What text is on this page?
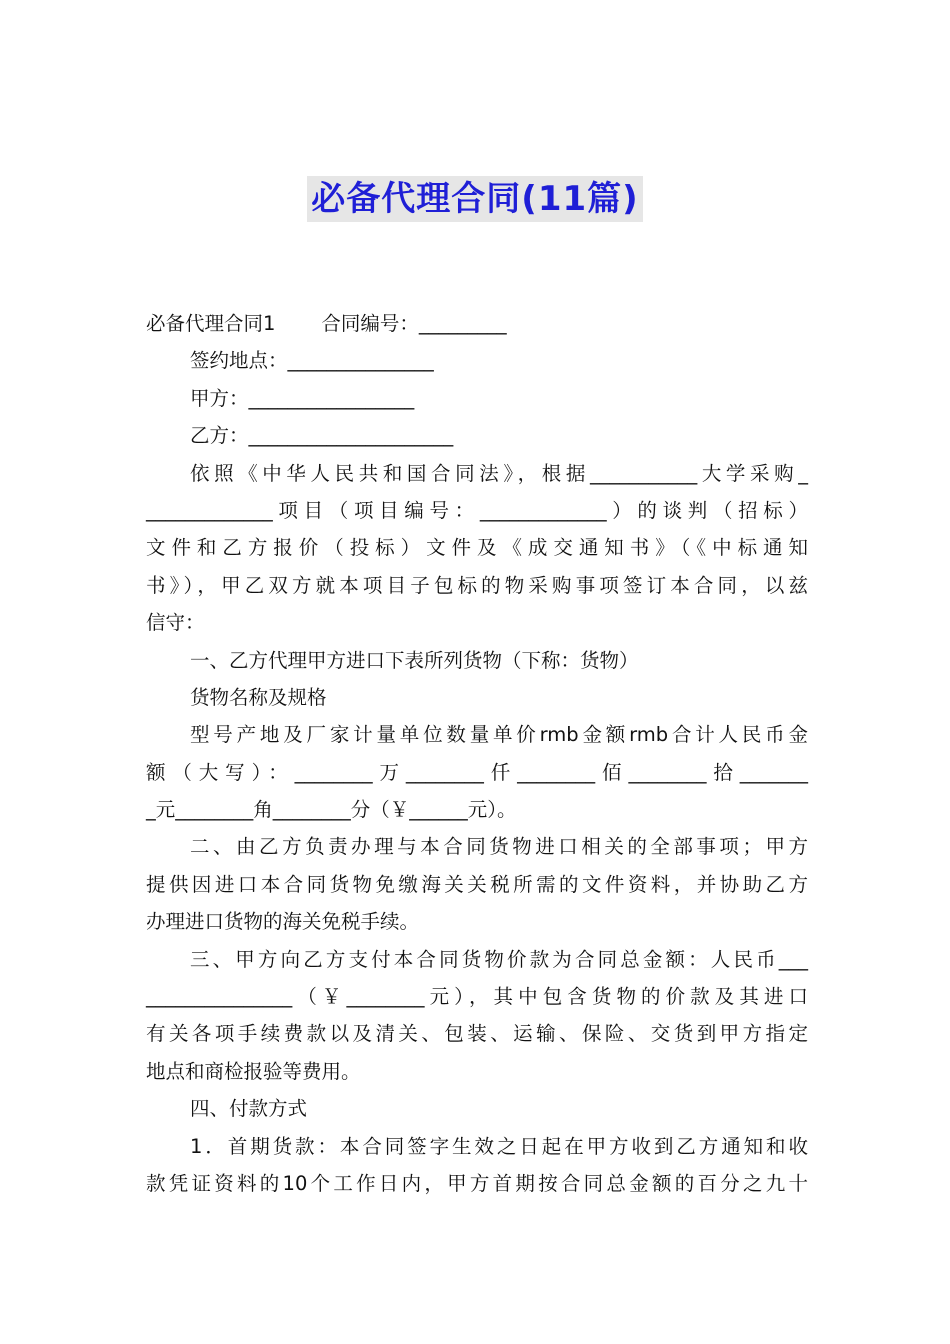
必备代理合同(11篇)
必备代理合同1 合同编号：_________
签约地点：_______________
甲方：_________________
乙方：_____________________
依照《中华人民共和国合同法》，根据___________大学采购_
_____________项目（项目编号：_____________）的谈判（招标）
文件和乙方报价（投标）文件及《成交通知书》（《中标通知
书》），甲乙双方就本项目子包标的物采购事项签订本合同，以兹
信守：
一、乙方代理甲方进口下表所列货物（下称：货物）
货物名称及规格
型号产地及厂家计量单位数量单价rmb金额rmb合计人民币金
额（大写）：________万________仟________佰________拾_______
_元________角________分（￥______元）。
二、由乙方负责办理与本合同货物进口相关的全部事项；甲方
提供因进口本合同货物免缴海关关税所需的文件资料，并协助乙方
办理进口货物的海关免税手续。
三、甲方向乙方支付本合同货物价款为合同总金额：人民币___
_______________（￥________元），其中包含货物的价款及其进口
有关各项手续费款以及清关、包装、运输、保险、交货到甲方指定
地点和商检报验等费用。
四、付款方式
1．首期货款：本合同签字生效之日起在甲方收到乙方通知和收
款凭证资料的10个工作日内，甲方首期按合同总金额的百分之九十
